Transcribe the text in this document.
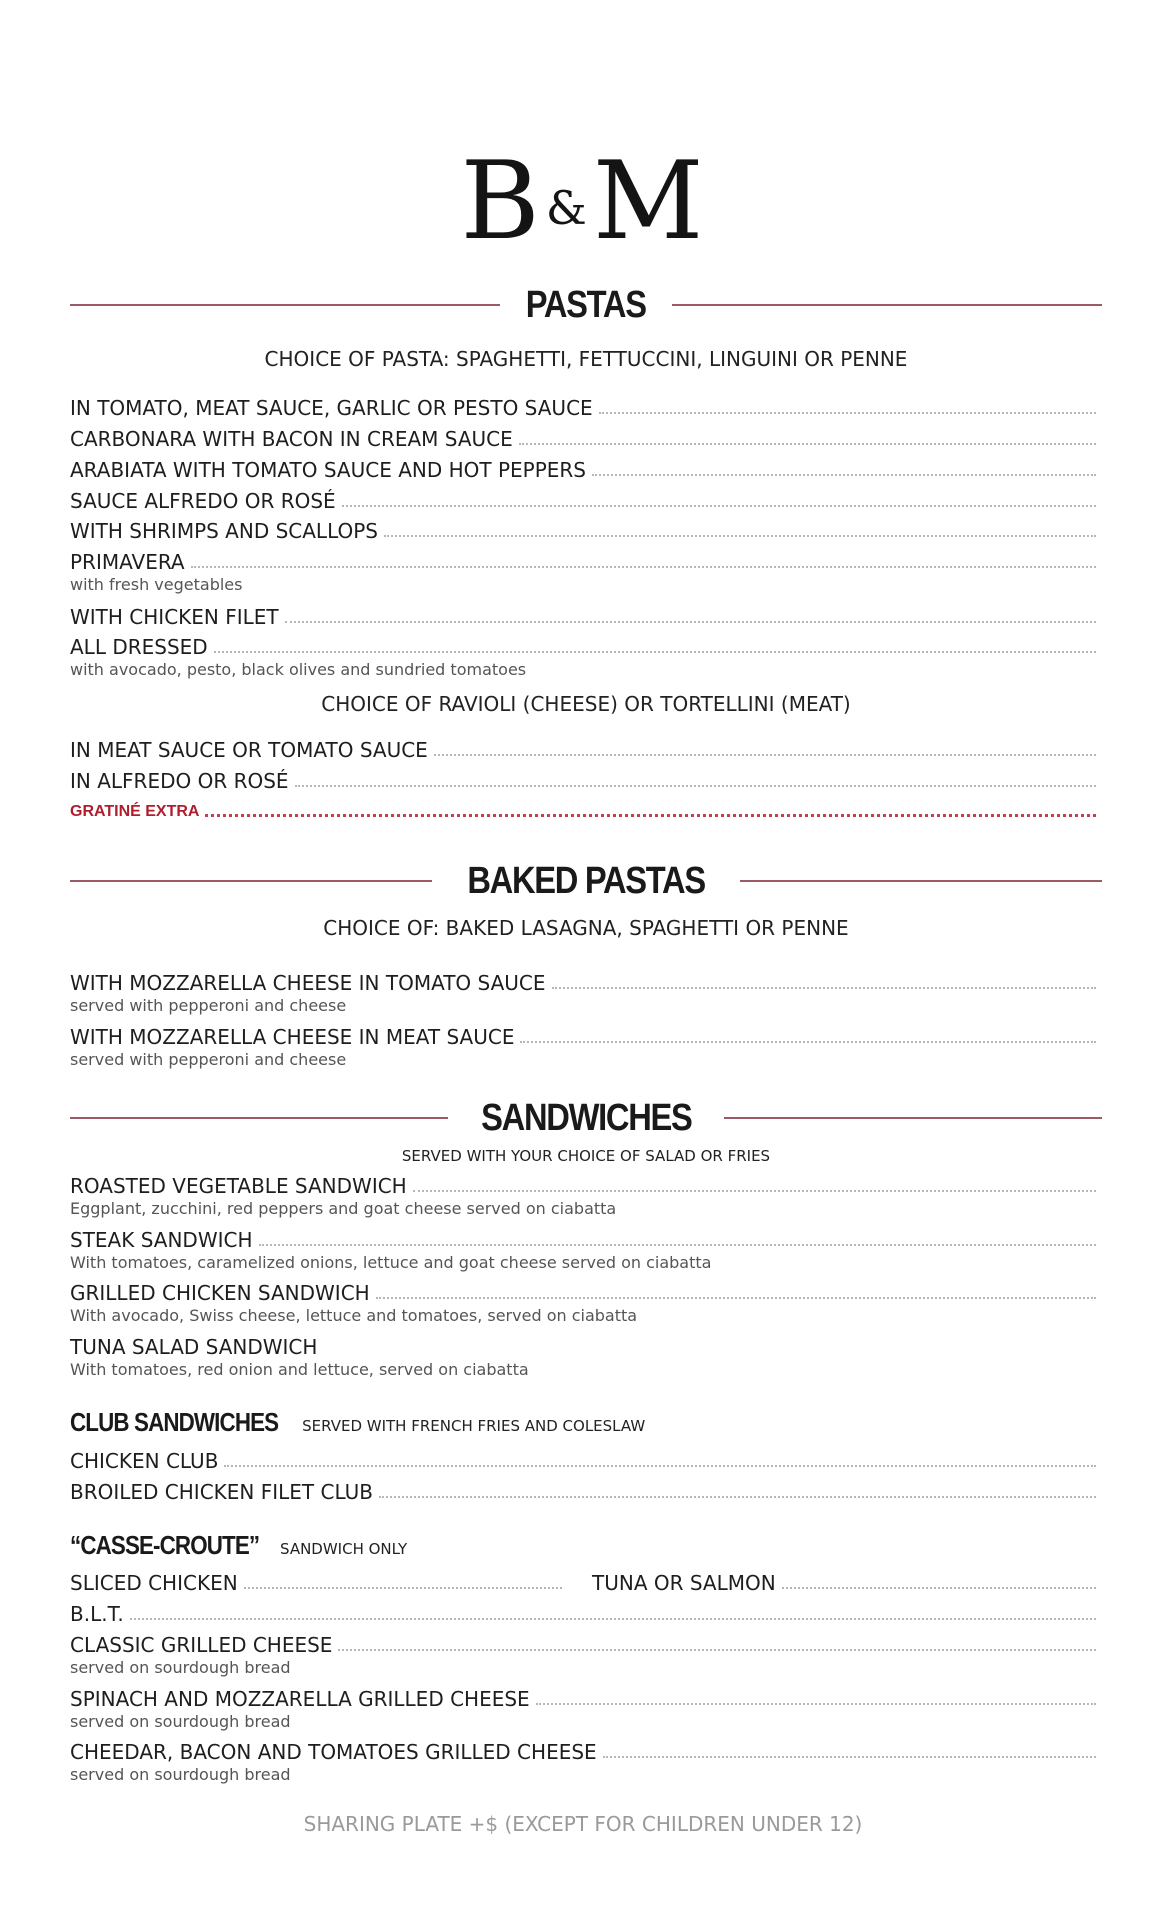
B&M
PASTAS
CHOICE OF PASTA: SPAGHETTI, FETTUCCINI, LINGUINI OR PENNE
IN TOMATO, MEAT SAUCE, GARLIC OR PESTO SAUCE
CARBONARA WITH BACON IN CREAM SAUCE
ARABIATA WITH TOMATO SAUCE AND HOT PEPPERS
SAUCE ALFREDO OR ROSÉ
WITH SHRIMPS AND SCALLOPS
PRIMAVERA
with fresh vegetables
WITH CHICKEN FILET
ALL DRESSED
with avocado, pesto, black olives and sundried tomatoes
CHOICE OF RAVIOLI (CHEESE) OR TORTELLINI (MEAT)
IN MEAT SAUCE OR TOMATO SAUCE
IN ALFREDO OR ROSÉ
GRATINÉ EXTRA
BAKED PASTAS
CHOICE OF: BAKED LASAGNA, SPAGHETTI OR PENNE
WITH MOZZARELLA CHEESE IN TOMATO SAUCE
served with pepperoni and cheese
WITH MOZZARELLA CHEESE IN MEAT SAUCE
served with pepperoni and cheese
SANDWICHES
SERVED WITH YOUR CHOICE OF SALAD OR FRIES
ROASTED VEGETABLE SANDWICH
Eggplant, zucchini, red peppers and goat cheese served on ciabatta
STEAK SANDWICH
With tomatoes, caramelized onions, lettuce and goat cheese served on ciabatta
GRILLED CHICKEN SANDWICH
With avocado, Swiss cheese, lettuce and tomatoes, served on ciabatta
TUNA SALAD SANDWICH
With tomatoes, red onion and lettuce, served on ciabatta
CLUB SANDWICHES SERVED WITH FRENCH FRIES AND COLESLAW
CHICKEN CLUB
BROILED CHICKEN FILET CLUB
“CASSE-CROUTE” SANDWICH ONLY
SLICED CHICKEN	TUNA OR SALMON
B.L.T.
CLASSIC GRILLED CHEESE
served on sourdough bread
SPINACH AND MOZZARELLA GRILLED CHEESE
served on sourdough bread
CHEEDAR, BACON AND TOMATOES GRILLED CHEESE
served on sourdough bread
SHARING PLATE +$ (EXCEPT FOR CHILDREN UNDER 12)
